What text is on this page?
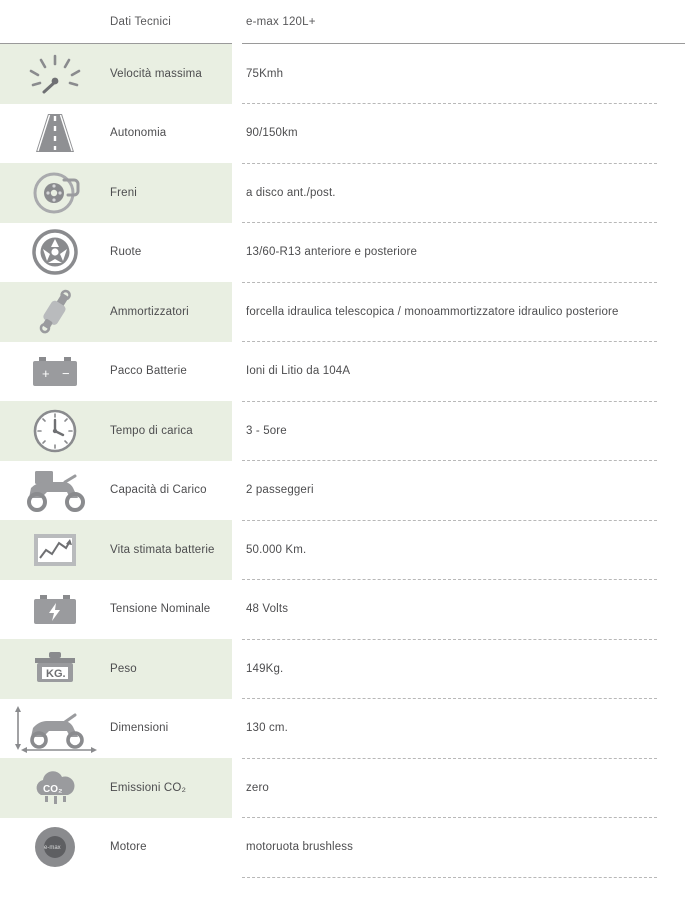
Dati Tecnici	e-max 120L+
Velocità massima	75Kmh
Autonomia	90/150km
Freni	a disco ant./post.
Ruote	13/60-R13 anteriore e posteriore
Ammortizzatori	forcella idraulica telescopica / monoammortizzatore idraulico posteriore
+ −	Pacco Batterie	Ioni di Litio da 104A
Tempo di carica	3 - 5ore
Capacità di Carico	2 passeggeri
Vita stimata batterie	50.000 Km.
Tensione Nominale	48 Volts
KG.	Peso	149Kg.
Dimensioni	130 cm.
CO₂	Emissioni CO₂	zero
e-max	Motore	motoruota brushless
